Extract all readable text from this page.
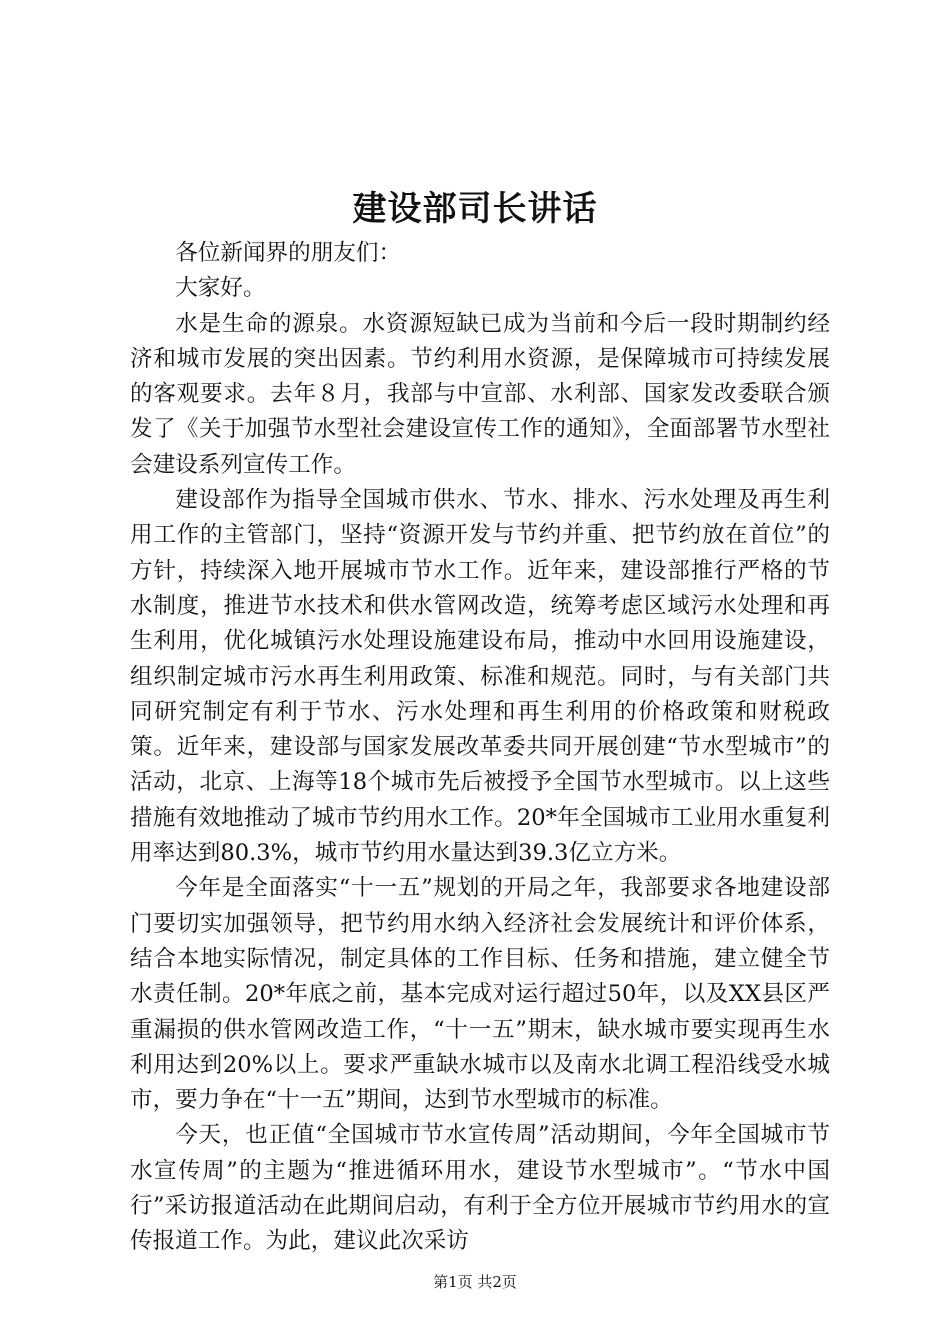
建设部司长讲话

各位新闻界的朋友们：

大家好。

水是生命的源泉。水资源短缺已成为当前和今后一段时期制约经济和城市发展的突出因素。节约利用水资源，是保障城市可持续发展的客观要求。去年８月，我部与中宣部、水利部、国家发改委联合颁发了《关于加强节水型社会建设宣传工作的通知》，全面部署节水型社会建设系列宣传工作。

建设部作为指导全国城市供水、节水、排水、污水处理及再生利用工作的主管部门，坚持“资源开发与节约并重、把节约放在首位”的方针，持续深入地开展城市节水工作。近年来，建设部推行严格的节水制度，推进节水技术和供水管网改造，统筹考虑区域污水处理和再生利用，优化城镇污水处理设施建设布局，推动中水回用设施建设，组织制定城市污水再生利用政策、标准和规范。同时，与有关部门共同研究制定有利于节水、污水处理和再生利用的价格政策和财税政策。近年来，建设部与国家发展改革委共同开展创建“节水型城市”的活动，北京、上海等18个城市先后被授予全国节水型城市。以上这些措施有效地推动了城市节约用水工作。20*年全国城市工业用水重复利用率达到80.3%，城市节约用水量达到39.3亿立方米。

今年是全面落实“十一五”规划的开局之年，我部要求各地建设部门要切实加强领导，把节约用水纳入经济社会发展统计和评价体系，结合本地实际情况，制定具体的工作目标、任务和措施，建立健全节水责任制。20*年底之前，基本完成对运行超过50年，以及XX县区严重漏损的供水管网改造工作，“十一五”期末，缺水城市要实现再生水利用达到20%以上。要求严重缺水城市以及南水北调工程沿线受水城市，要力争在“十一五”期间，达到节水型城市的标准。

今天，也正值“全国城市节水宣传周”活动期间，今年全国城市节水宣传周”的主题为“推进循环用水，建设节水型城市”。“节水中国行”采访报道活动在此期间启动，有利于全方位开展城市节约用水的宣传报道工作。为此，建议此次采访

第1页 共2页
